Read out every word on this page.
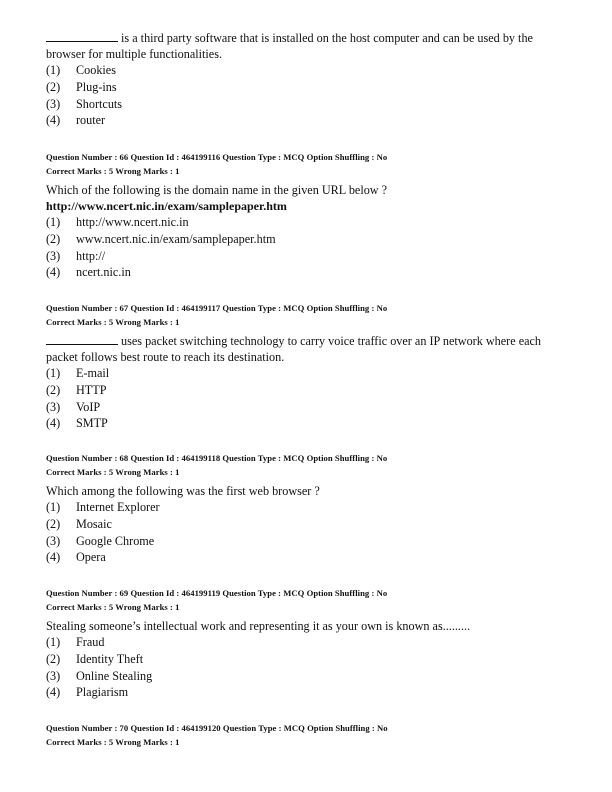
is a third party software that is installed on the host computer and can be used by the
browser for multiple functionalities.
(1)	Cookies
(2)	Plug-ins
(3)	Shortcuts
(4)	router
Question Number : 66 Question Id : 464199116 Question Type : MCQ Option Shuffling : No
Correct Marks : 5 Wrong Marks : 1
Which of the following is the domain name in the given URL below ?
http://www.ncert.nic.in/exam/samplepaper.htm
(1)	http://www.ncert.nic.in
(2)	www.ncert.nic.in/exam/samplepaper.htm
(3)	http://
(4)	ncert.nic.in
Question Number : 67 Question Id : 464199117 Question Type : MCQ Option Shuffling : No
Correct Marks : 5 Wrong Marks : 1
uses packet switching technology to carry voice traffic over an IP network where each
packet follows best route to reach its destination.
(1)	E-mail
(2)	HTTP
(3)	VoIP
(4)	SMTP
Question Number : 68 Question Id : 464199118 Question Type : MCQ Option Shuffling : No
Correct Marks : 5 Wrong Marks : 1
Which among the following was the first web browser ?
(1)	Internet Explorer
(2)	Mosaic
(3)	Google Chrome
(4)	Opera
Question Number : 69 Question Id : 464199119 Question Type : MCQ Option Shuffling : No
Correct Marks : 5 Wrong Marks : 1
Stealing someone’s intellectual work and representing it as your own is known as.........
(1)	Fraud
(2)	Identity Theft
(3)	Online Stealing
(4)	Plagiarism
Question Number : 70 Question Id : 464199120 Question Type : MCQ Option Shuffling : No
Correct Marks : 5 Wrong Marks : 1
